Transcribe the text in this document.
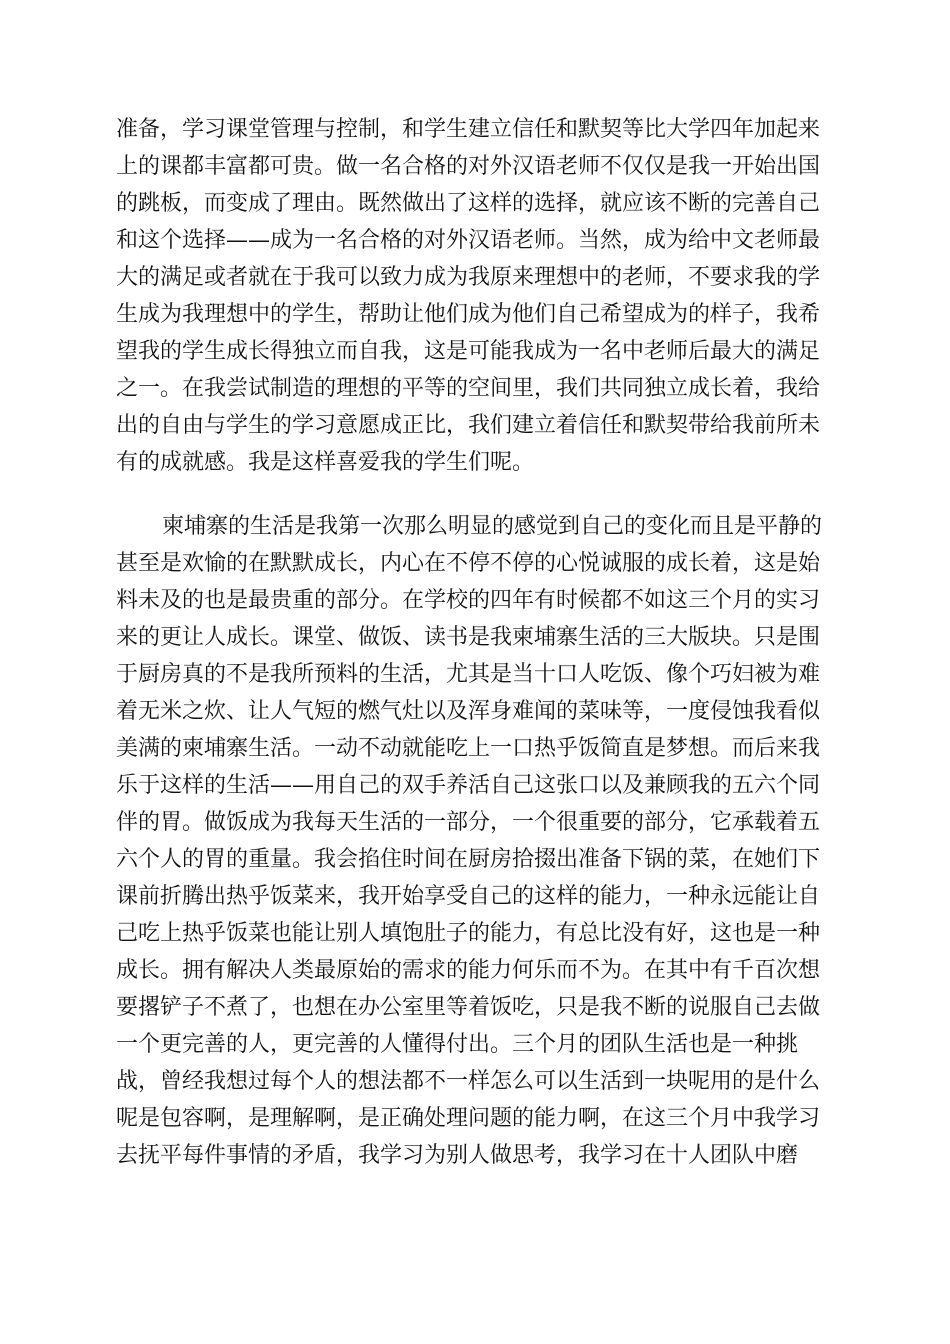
准备，学习课堂管理与控制，和学生建立信任和默契等比大学四年加起来
上的课都丰富都可贵。做一名合格的对外汉语老师不仅仅是我一开始出国
的跳板，而变成了理由。既然做出了这样的选择，就应该不断的完善自己
和这个选择——成为一名合格的对外汉语老师。当然，成为给中文老师最
大的满足或者就在于我可以致力成为我原来理想中的老师，不要求我的学
生成为我理想中的学生，帮助让他们成为他们自己希望成为的样子，我希
望我的学生成长得独立而自我，这是可能我成为一名中老师后最大的满足
之一。在我尝试制造的理想的平等的空间里，我们共同独立成长着，我给
出的自由与学生的学习意愿成正比，我们建立着信任和默契带给我前所未
有的成就感。我是这样喜爱我的学生们呢。
柬埔寨的生活是我第一次那么明显的感觉到自己的变化而且是平静的
甚至是欢愉的在默默成长，内心在不停不停的心悦诚服的成长着，这是始
料未及的也是最贵重的部分。在学校的四年有时候都不如这三个月的实习
来的更让人成长。课堂、做饭、读书是我柬埔寨生活的三大版块。只是围
于厨房真的不是我所预料的生活，尤其是当十口人吃饭、像个巧妇被为难
着无米之炊、让人气短的燃气灶以及浑身难闻的菜味等，一度侵蚀我看似
美满的柬埔寨生活。一动不动就能吃上一口热乎饭简直是梦想。而后来我
乐于这样的生活——用自己的双手养活自己这张口以及兼顾我的五六个同
伴的胃。做饭成为我每天生活的一部分，一个很重要的部分，它承载着五
六个人的胃的重量。我会掐住时间在厨房拾掇出准备下锅的菜，在她们下
课前折腾出热乎饭菜来，我开始享受自己的这样的能力，一种永远能让自
己吃上热乎饭菜也能让别人填饱肚子的能力，有总比没有好，这也是一种
成长。拥有解决人类最原始的需求的能力何乐而不为。在其中有千百次想
要撂铲子不煮了，也想在办公室里等着饭吃，只是我不断的说服自己去做
一个更完善的人，更完善的人懂得付出。三个月的团队生活也是一种挑
战，曾经我想过每个人的想法都不一样怎么可以生活到一块呢用的是什么
呢是包容啊，是理解啊，是正确处理问题的能力啊，在这三个月中我学习
去抚平每件事情的矛盾，我学习为别人做思考，我学习在十人团队中磨
